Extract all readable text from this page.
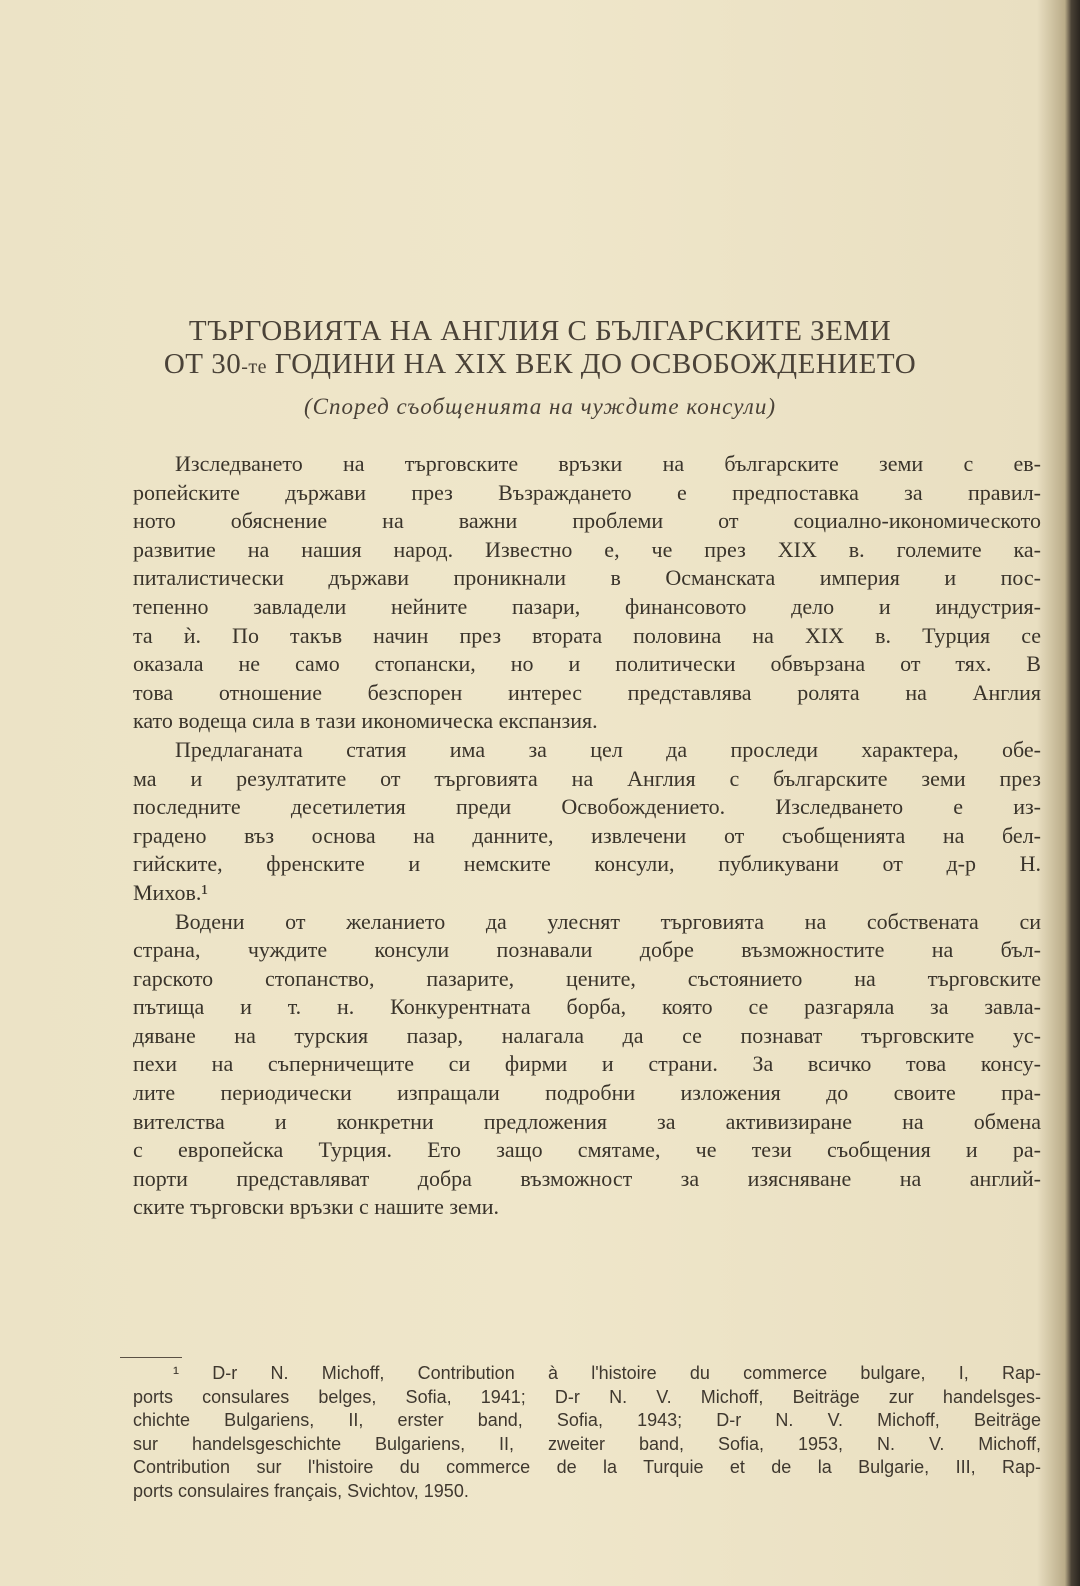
ТЪРГОВИЯТА НА АНГЛИЯ С БЪЛГАРСКИТЕ ЗЕМИ
ОТ 30-те ГОДИНИ НА XIX ВЕК ДО ОСВОБОЖДЕНИЕТО
(Според съобщенията на чуждите консули)
Изследването на търговските връзки на българските земи с ев-
ропейските държави през Възраждането е предпоставка за правил-
ното обяснение на важни проблеми от социално-икономическото
развитие на нашия народ. Известно е, че през XIX в. големите ка-
питалистически държави проникнали в Османската империя и пос-
тепенно завладели нейните пазари, финансовото дело и индустрия-
та ѝ. По такъв начин през втората половина на XIX в. Турция се
оказала не само стопански, но и политически обвързана от тях. В
това отношение безспорен интерес представлява ролята на Англия
като водеща сила в тази икономическа експанзия.
Предлаганата статия има за цел да проследи характера, обе-
ма и резултатите от търговията на Англия с българските земи през
последните десетилетия преди Освобождението. Изследването е из-
градено въз основа на данните, извлечени от съобщенията на бел-
гийските, френските и немските консули, публикувани от д-р Н.
Михов.¹
Водени от желанието да улеснят търговията на собствената си
страна, чуждите консули познавали добре възможностите на бъл-
гарското стопанство, пазарите, цените, състоянието на търговските
пътища и т. н. Конкурентната борба, която се разгаряла за завла-
дяване на турския пазар, налагала да се познават търговските ус-
пехи на съперничещите си фирми и страни. За всичко това консу-
лите периодически изпращали подробни изложения до своите пра-
вителства и конкретни предложения за активизиране на обмена
с европейска Турция. Ето защо смятаме, че тези съобщения и ра-
порти представляват добра възможност за изясняване на англий-
ските търговски връзки с нашите земи.
¹ D-r N. Michoff, Contribution à l'histoire du commerce bulgare, I, Rap-
ports consulares belges, Sofia, 1941; D-r N. V. Michoff, Beiträge zur handelsges-
chichte Bulgariens, II, erster band, Sofia, 1943; D-r N. V. Michoff, Beiträge
sur handelsgeschichte Bulgariens, II, zweiter band, Sofia, 1953, N. V. Michoff,
Contribution sur l'histoire du commerce de la Turquie et de la Bulgarie, III, Rap-
ports consulaires français, Svichtov, 1950.
